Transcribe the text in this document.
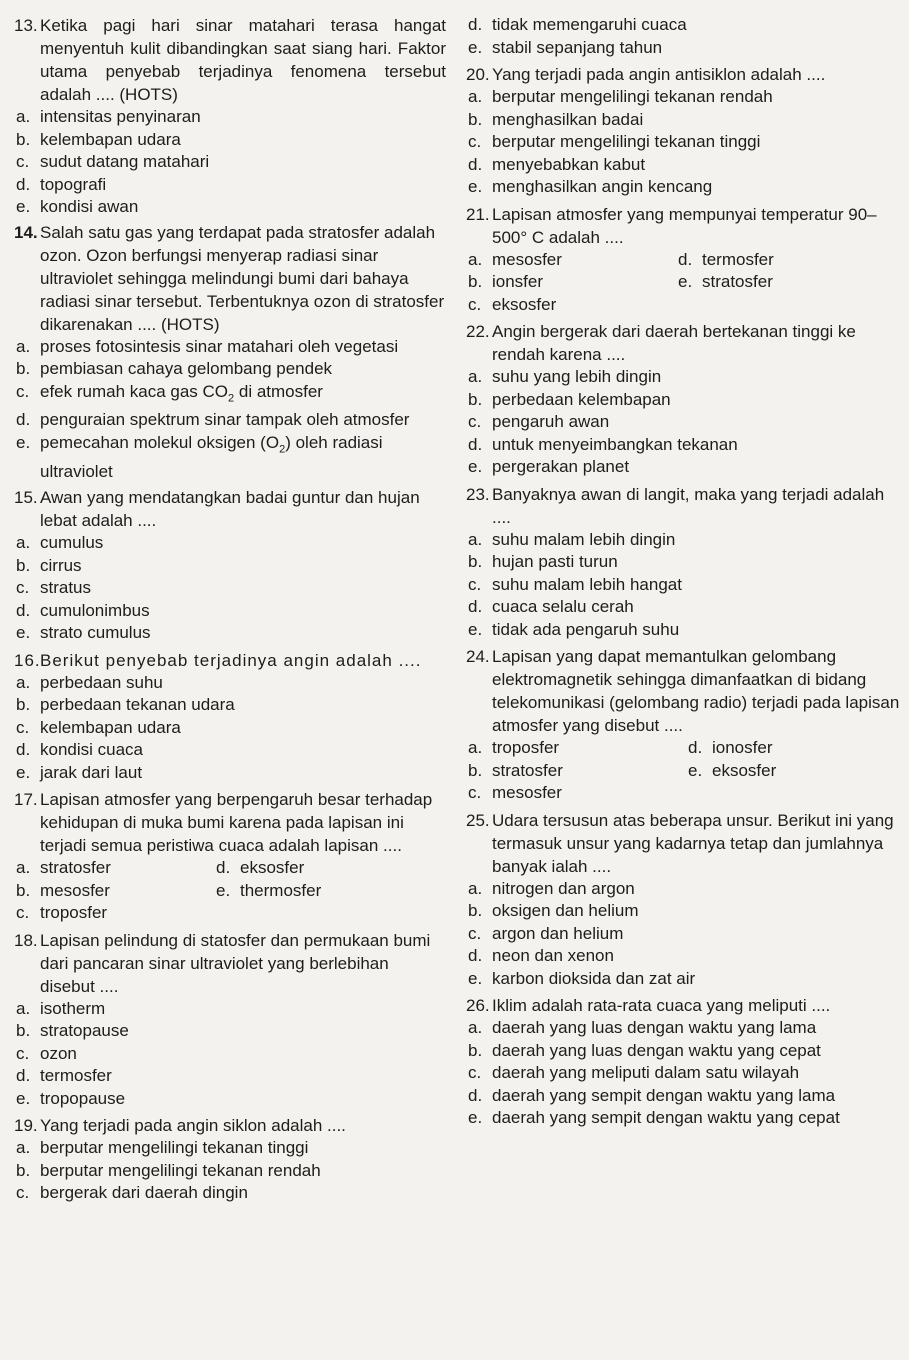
13. Ketika pagi hari sinar matahari terasa hangat menyentuh kulit dibandingkan saat siang hari. Faktor utama penyebab terjadinya fenomena tersebut adalah .... (HOTS)
a. intensitas penyinaran
b. kelembapan udara
c. sudut datang matahari
d. topografi
e. kondisi awan
14. Salah satu gas yang terdapat pada stratosfer adalah ozon. Ozon berfungsi menyerap radiasi sinar ultraviolet sehingga melindungi bumi dari bahaya radiasi sinar tersebut. Terbentuknya ozon di stratosfer dikarenakan .... (HOTS)
a. proses fotosintesis sinar matahari oleh vegetasi
b. pembiasan cahaya gelombang pendek
c. efek rumah kaca gas $CO_2$ di atmosfer
d. penguraian spektrum sinar tampak oleh atmosfer
e. pemecahan molekul oksigen $(O_2)$ oleh radiasi ultraviolet
15. Awan yang mendatangkan badai guntur dan hujan lebat adalah ....
a. cumulus
b. cirrus
c. stratus
d. cumulonimbus
e. strato cumulus
16. Berikut penyebab terjadinya angin adalah ....
a. perbedaan suhu
b. perbedaan tekanan udara
c. kelembapan udara
d. kondisi cuaca
e. jarak dari laut
17. Lapisan atmosfer yang berpengaruh besar terhadap kehidupan di muka bumi karena pada lapisan ini terjadi semua peristiwa cuaca adalah lapisan ....
a. stratosfer	d. eksosfer
b. mesosfer	e. thermosfer
c. troposfer
18. Lapisan pelindung di statosfer dan permukaan bumi dari pancaran sinar ultraviolet yang berlebihan disebut ....
a. isotherm
b. stratopause
c. ozon
d. termosfer
e. tropopause
19. Yang terjadi pada angin siklon adalah ....
a. berputar mengelilingi tekanan tinggi
b. berputar mengelilingi tekanan rendah
c. bergerak dari daerah dingin
d. tidak memengaruhi cuaca
e. stabil sepanjang tahun
20. Yang terjadi pada angin antisiklon adalah ....
a. berputar mengelilingi tekanan rendah
b. menghasilkan badai
c. berputar mengelilingi tekanan tinggi
d. menyebabkan kabut
e. menghasilkan angin kencang
21. Lapisan atmosfer yang mempunyai temperatur 90–500° C adalah ....
a. mesosfer	d. termosfer
b. ionsfer	e. stratosfer
c. eksosfer
22. Angin bergerak dari daerah bertekanan tinggi ke rendah karena ....
a. suhu yang lebih dingin
b. perbedaan kelembapan
c. pengaruh awan
d. untuk menyeimbangkan tekanan
e. pergerakan planet
23. Banyaknya awan di langit, maka yang terjadi adalah ....
a. suhu malam lebih dingin
b. hujan pasti turun
c. suhu malam lebih hangat
d. cuaca selalu cerah
e. tidak ada pengaruh suhu
24. Lapisan yang dapat memantulkan gelombang elektromagnetik sehingga dimanfaatkan di bidang telekomunikasi (gelombang radio) terjadi pada lapisan atmosfer yang disebut ....
a. troposfer	d. ionosfer
b. stratosfer	e. eksosfer
c. mesosfer
25. Udara tersusun atas beberapa unsur. Berikut ini yang termasuk unsur yang kadarnya tetap dan jumlahnya banyak ialah ....
a. nitrogen dan argon
b. oksigen dan helium
c. argon dan helium
d. neon dan xenon
e. karbon dioksida dan zat air
26. Iklim adalah rata-rata cuaca yang meliputi ....
a. daerah yang luas dengan waktu yang lama
b. daerah yang luas dengan waktu yang cepat
c. daerah yang meliputi dalam satu wilayah
d. daerah yang sempit dengan waktu yang lama
e. daerah yang sempit dengan waktu yang cepat
